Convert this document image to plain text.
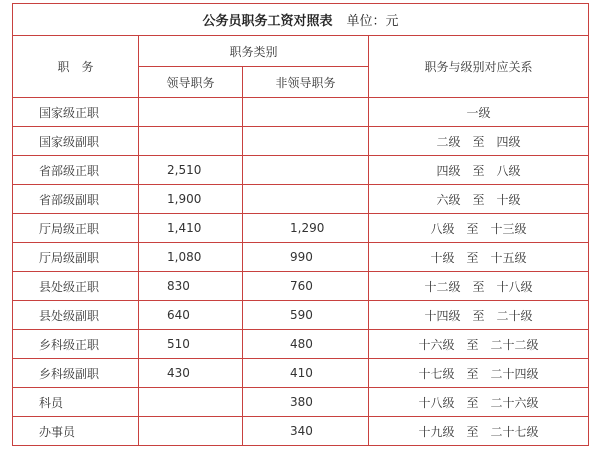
公务员职务工资对照表 单位：元			
职　务	职务类别		职务与级别对应关系
	领导职务	非领导职务	
国家级正职			一级
国家级副职			二级　至　四级
省部级正职	2,510		四级　至　八级
省部级副职	1,900		六级　至　十级
厅局级正职	1,410	1,290	八级　至　十三级
厅局级副职	1,080	990	十级　至　十五级
县处级正职	830	760	十二级　至　十八级
县处级副职	640	590	十四级　至　二十级
乡科级正职	510	480	十六级　至　二十二级
乡科级副职	430	410	十七级　至　二十四级
科员		380	十八级　至　二十六级
办事员		340	十九级　至　二十七级
